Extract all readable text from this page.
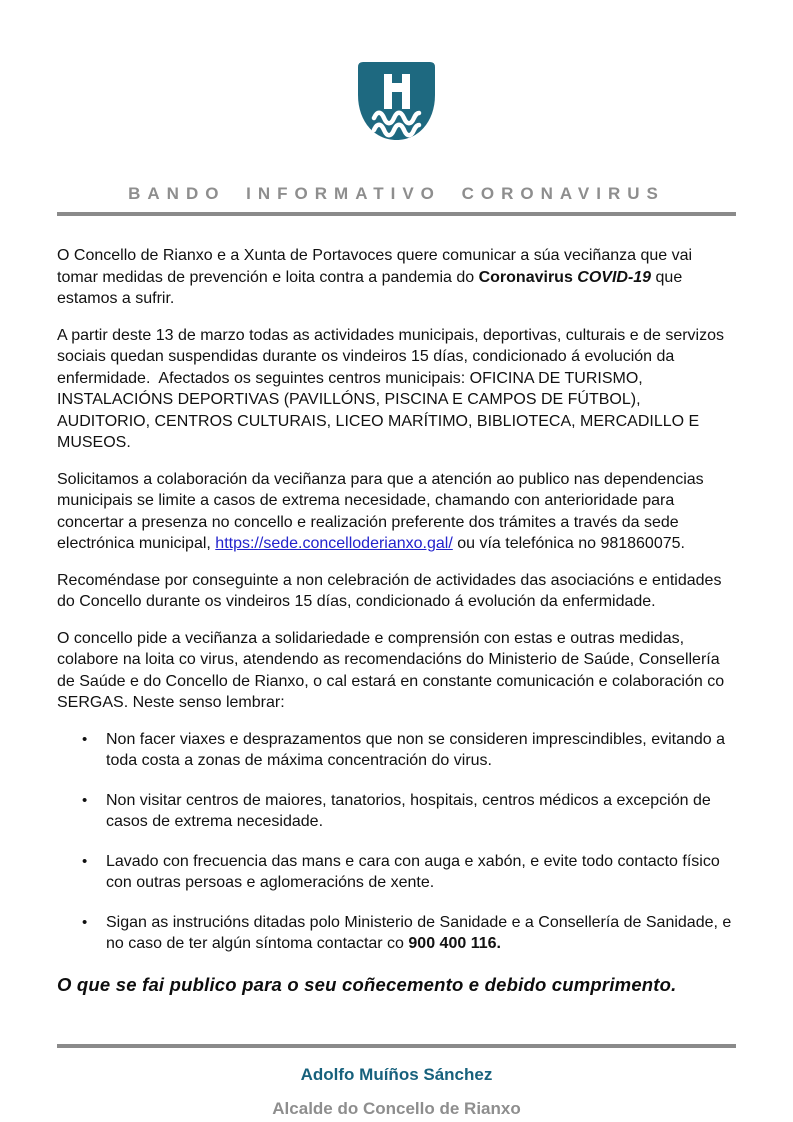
BANDO INFORMATIVO CORONAVIRUS

O Concello de Rianxo e a Xunta de Portavoces quere comunicar a súa veciñanza que vai tomar medidas de prevención e loita contra a pandemia do Coronavirus COVID-19 que estamos a sufrir.

A partir deste 13 de marzo todas as actividades municipais, deportivas, culturais e de servizos sociais quedan suspendidas durante os vindeiros 15 días, condicionado á evolución da enfermidade.  Afectados os seguintes centros municipais: OFICINA DE TURISMO, INSTALACIÓNS DEPORTIVAS (PAVILLÓNS, PISCINA E CAMPOS DE FÚTBOL), AUDITORIO, CENTROS CULTURAIS, LICEO MARÍTIMO, BIBLIOTECA, MERCADILLO E MUSEOS.

Solicitamos a colaboración da veciñanza para que a atención ao publico nas dependencias municipais se limite a casos de extrema necesidade, chamando con anterioridade para concertar a presenza no concello e realización preferente dos trámites a través da sede electrónica municipal, https://sede.concelloderianxo.gal/ ou vía telefónica no 981860075.

Recoméndase por conseguinte a non celebración de actividades das asociacións e entidades do Concello durante os vindeiros 15 días, condicionado á evolución da enfermidade.

O concello pide a veciñanza a solidariedade e comprensión con estas e outras medidas, colabore na loita co virus, atendendo as recomendacións do Ministerio de Saúde, Consellería de Saúde e do Concello de Rianxo, o cal estará en constante comunicación e colaboración co SERGAS. Neste senso lembrar:

• Non facer viaxes e desprazamentos que non se consideren imprescindibles, evitando a toda costa a zonas de máxima concentración do virus.
• Non visitar centros de maiores, tanatorios, hospitais, centros médicos a excepción de casos de extrema necesidade.
• Lavado con frecuencia das mans e cara con auga e xabón, e evite todo contacto físico con outras persoas e aglomeracións de xente.
• Sigan as instrucións ditadas polo Ministerio de Sanidade e a Consellería de Sanidade, e no caso de ter algún síntoma contactar co 900 400 116.
O que se fai publico para o seu coñecemento e debido cumprimento.
Adolfo Muíños Sánchez
Alcalde do Concello de Rianxo
